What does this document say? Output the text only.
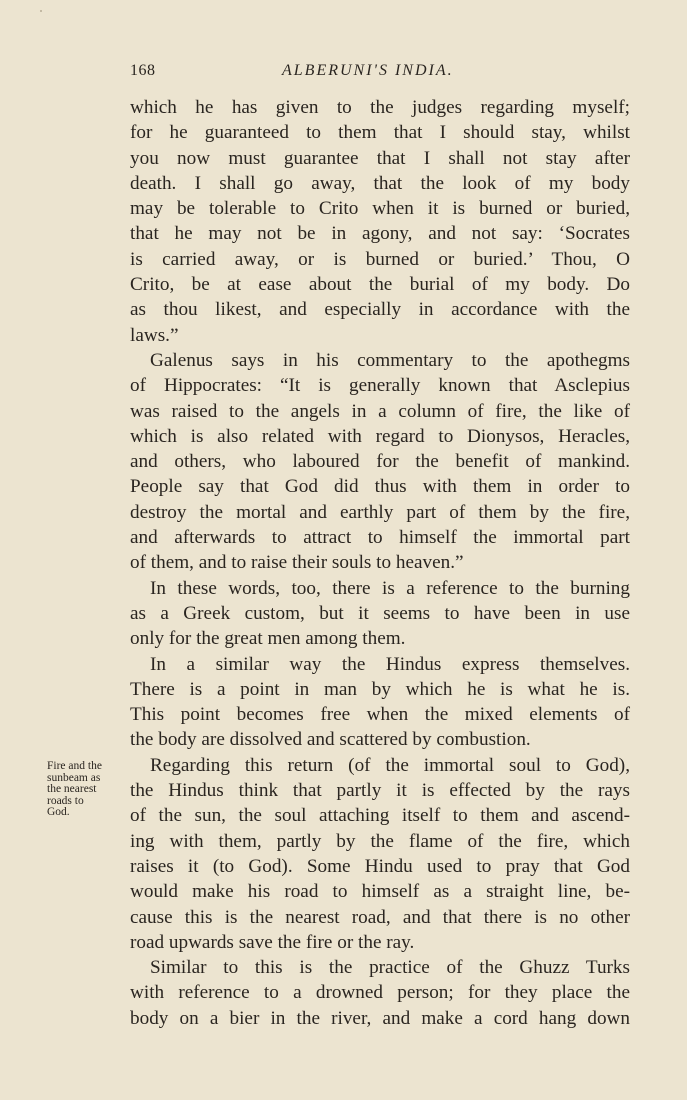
168	ALBERUNI'S INDIA.
Fire and the
sunbeam as
the nearest
roads to
God.
which he has given to the judges regarding myself;
for he guaranteed to them that I should stay, whilst
you now must guarantee that I shall not stay after
death. I shall go away, that the look of my body
may be tolerable to Crito when it is burned or buried,
that he may not be in agony, and not say: ‘Socrates
is carried away, or is burned or buried.’ Thou, O
Crito, be at ease about the burial of my body. Do
as thou likest, and especially in accordance with the
laws.”
Galenus says in his commentary to the apothegms
of Hippocrates: “It is generally known that Asclepius
was raised to the angels in a column of fire, the like of
which is also related with regard to Dionysos, Heracles,
and others, who laboured for the benefit of mankind.
People say that God did thus with them in order to
destroy the mortal and earthly part of them by the fire,
and afterwards to attract to himself the immortal part
of them, and to raise their souls to heaven.”
In these words, too, there is a reference to the burning
as a Greek custom, but it seems to have been in use
only for the great men among them.
In a similar way the Hindus express themselves.
There is a point in man by which he is what he is.
This point becomes free when the mixed elements of
the body are dissolved and scattered by combustion.
Regarding this return (of the immortal soul to God),
the Hindus think that partly it is effected by the rays
of the sun, the soul attaching itself to them and ascend-
ing with them, partly by the flame of the fire, which
raises it (to God). Some Hindu used to pray that God
would make his road to himself as a straight line, be-
cause this is the nearest road, and that there is no other
road upwards save the fire or the ray.
Similar to this is the practice of the Ghuzz Turks
with reference to a drowned person; for they place the
body on a bier in the river, and make a cord hang down
